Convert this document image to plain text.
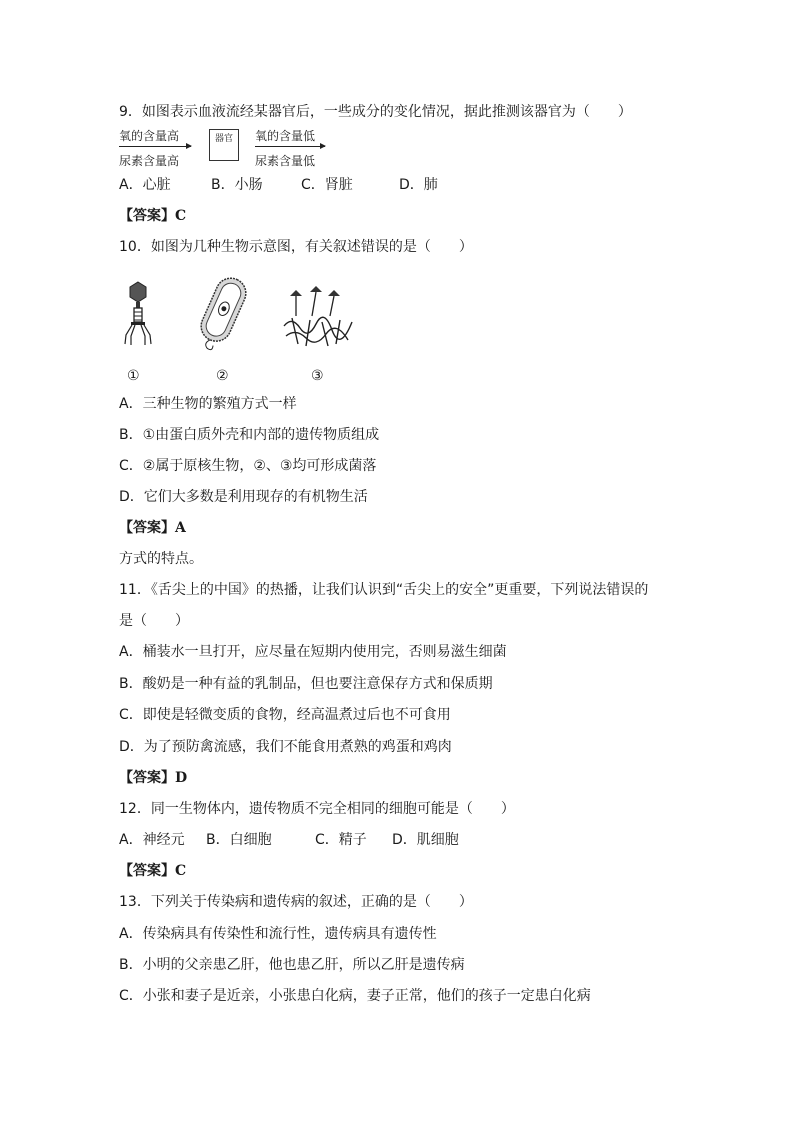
9．如图表示血液流经某器官后，一些成分的变化情况，据此推测该器官为（　　）
氧的含量高
尿素含量高
器官	氧的含量低
尿素含量低
A．心脏	B．小肠	C．肾脏	D．肺
【答案】C
10．如图为几种生物示意图，有关叙述错误的是（　　）
①	②	③
A．三种生物的繁殖方式一样
B．①由蛋白质外壳和内部的遗传物质组成
C．②属于原核生物，②、③均可形成菌落
D．它们大多数是利用现存的有机物生活
【答案】A
方式的特点。
11．《舌尖上的中国》的热播，让我们认识到“舌尖上的安全”更重要，下列说法错误的
是（　　）
A．桶装水一旦打开，应尽量在短期内使用完，否则易滋生细菌
B．酸奶是一种有益的乳制品，但也要注意保存方式和保质期
C．即使是轻微变质的食物，经高温煮过后也不可食用
D．为了预防禽流感，我们不能食用煮熟的鸡蛋和鸡肉
【答案】D
12．同一生物体内，遗传物质不完全相同的细胞可能是（　　）
A．神经元 B．白细胞	C．精子 D．肌细胞
【答案】C
13．下列关于传染病和遗传病的叙述，正确的是（　　）
A．传染病具有传染性和流行性，遗传病具有遗传性
B．小明的父亲患乙肝，他也患乙肝，所以乙肝是遗传病
C．小张和妻子是近亲，小张患白化病，妻子正常，他们的孩子一定患白化病
